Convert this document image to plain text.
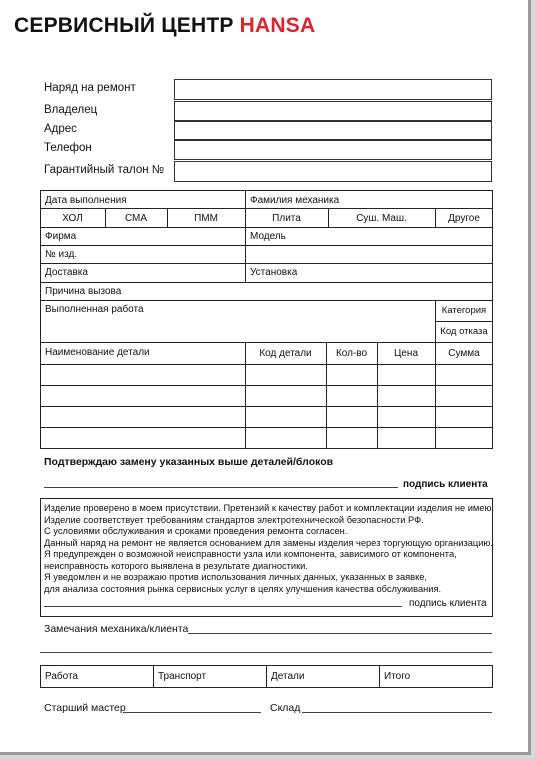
СЕРВИСНЫЙ ЦЕНТР HANSA
Наряд на ремонт
Владелец
Адрес
Телефон
Гарантийный талон №
Дата выполнения	Фамилия механика
ХОЛ	СМА	ПММ	Плита	Суш. Маш.	Другое
Фирма	Модель
№ изд.
Доставка	Установка
Причина вызова
Выполненная работа	Категория
Код отказа
Наименование детали	Код детали	Кол-во	Цена	Сумма
Подтверждаю замену указанных выше деталей/блоков
подпись клиента
Изделие проверено в моем присутствии. Претензий к качеству работ и комплектации изделия не имею.
Изделие соответствует требованиям стандартов электротехнической безопасности РФ.
С условиями обслуживания и сроками проведения ремонта согласен.
Данный наряд на ремонт не является основанием для замены изделия через торгующую организацию.
Я предупрежден о возможной неисправности узла или компонента, зависимого от компонента,
неисправность которого выявлена в результате диагностики.
Я уведомлен и не возражаю против использования личных данных, указанных в заявке,
для анализа состояния рынка сервисных услуг в целях улучшения качества обслуживания.
подпись клиента
Замечания механика/клиента
Работа	Транспорт	Детали	Итого
Старший мастер	Склад
